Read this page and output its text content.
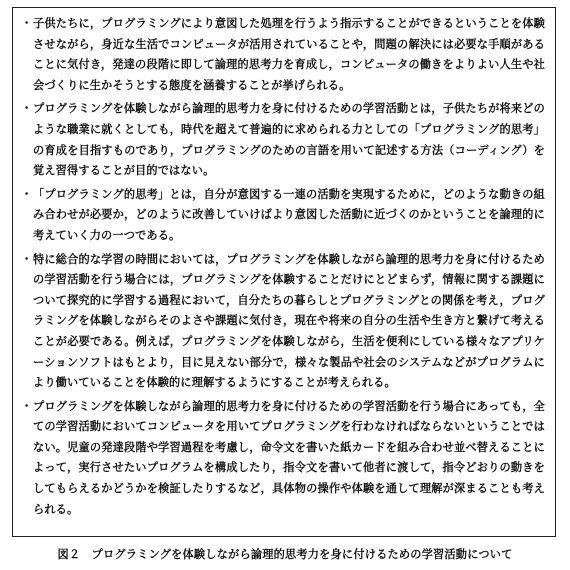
・ 子供たちに，プログラミングにより意図した処理を行うよう指示することができるということを体験させながら，身近な生活でコンピュータが活用されていることや，問題の解決には必要な手順があることに気付き，発達の段階に即して論理的思考力を育成し，コンピュータの働きをよりよい人生や社会づくりに生かそうとする態度を涵養することが挙げられる。
・ プログラミングを体験しながら論理的思考力を身に付けるための学習活動とは，子供たちが将来どのような職業に就くとしても，時代を超えて普遍的に求められる力としての「プログラミング的思考」の育成を目指すものであり，プログラミングのための言語を用いて記述する方法（コーディング）を覚え習得することが目的ではない。
・ 「プログラミング的思考」とは，自分が意図する一連の活動を実現するために，どのような動きの組み合わせが必要か，どのように改善していけばより意図した活動に近づくのかということを論理的に考えていく力の一つである。
・ 特に総合的な学習の時間においては，プログラミングを体験しながら論理的思考力を身に付けるための学習活動を行う場合には，プログラミングを体験することだけにとどまらず，情報に関する課題について探究的に学習する過程において，自分たちの暮らしとプログラミングとの関係を考え，プログラミングを体験しながらそのよさや課題に気付き，現在や将来の自分の生活や生き方と繋げて考えることが必要である。例えば，プログラミングを体験しながら，生活を便利にしている様々なアプリケーションソフトはもとより，目に見えない部分で，様々な製品や社会のシステムなどがプログラムにより働いていることを体験的に理解するようにすることが考えられる。
・ プログラミングを体験しながら論理的思考力を身に付けるための学習活動を行う場合にあっても，全ての学習活動においてコンピュータを用いてプログラミングを行わなければならないということではない。児童の発達段階や学習過程を考慮し，命令文を書いた紙カードを組み合わせ並べ替えることによって，実行させたいプログラムを構成したり，指令文を書いて他者に渡して，指令どおりの動きをしてもらえるかどうかを検証したりするなど，具体物の操作や体験を通して理解が深まることも考えられる。
図２　プログラミングを体験しながら論理的思考力を身に付けるための学習活動について
